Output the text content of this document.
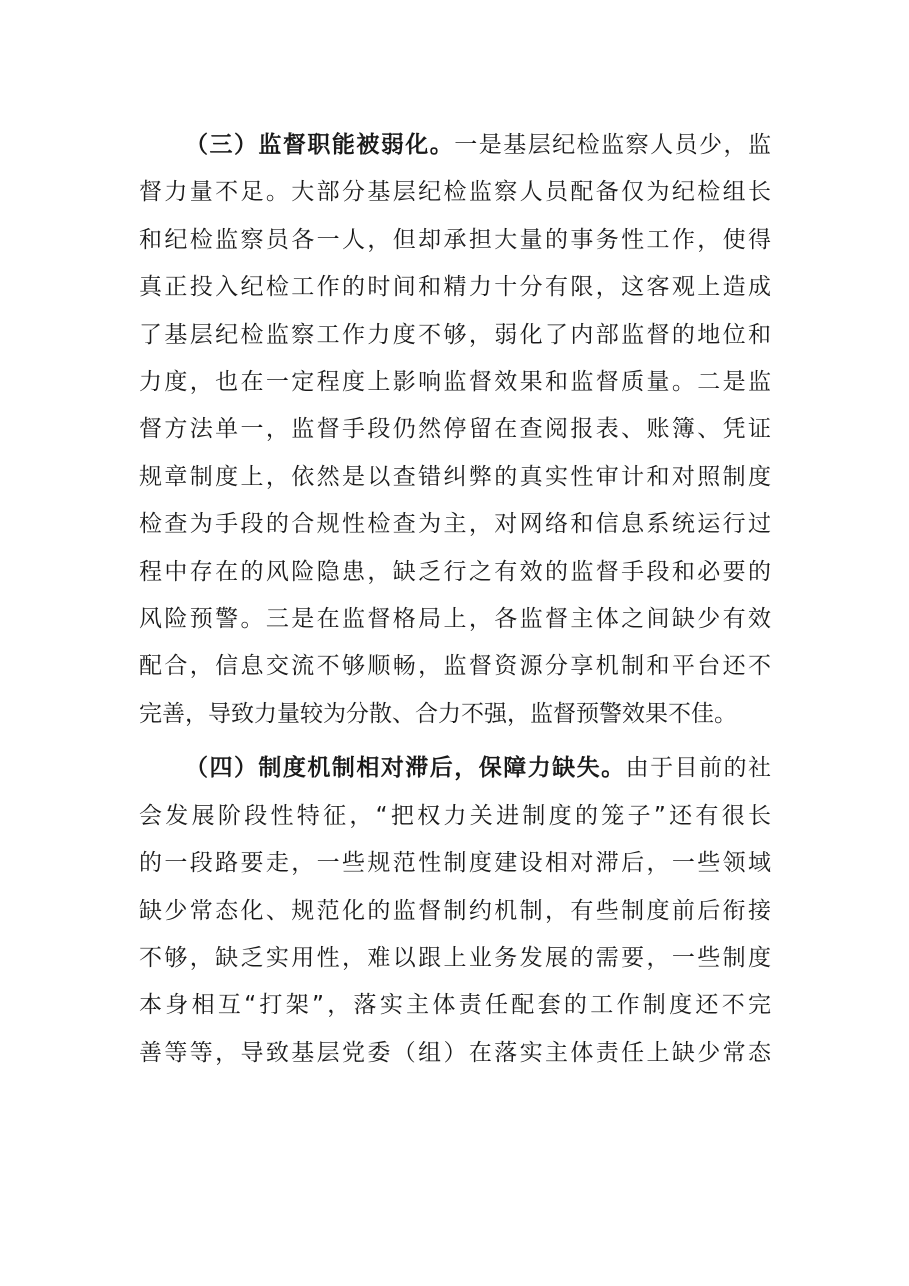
（三）监督职能被弱化。一是基层纪检监察人员少，监
督力量不足。大部分基层纪检监察人员配备仅为纪检组长
和纪检监察员各一人，但却承担大量的事务性工作，使得
真正投入纪检工作的时间和精力十分有限，这客观上造成
了基层纪检监察工作力度不够，弱化了内部监督的地位和
力度，也在一定程度上影响监督效果和监督质量。二是监
督方法单一，监督手段仍然停留在查阅报表、账簿、凭证
规章制度上，依然是以查错纠弊的真实性审计和对照制度
检查为手段的合规性检查为主，对网络和信息系统运行过
程中存在的风险隐患，缺乏行之有效的监督手段和必要的
风险预警。三是在监督格局上，各监督主体之间缺少有效
配合，信息交流不够顺畅，监督资源分享机制和平台还不
完善，导致力量较为分散、合力不强，监督预警效果不佳。

（四）制度机制相对滞后，保障力缺失。由于目前的社
会发展阶段性特征，“把权力关进制度的笼子”还有很长
的一段路要走，一些规范性制度建设相对滞后，一些领域
缺少常态化、规范化的监督制约机制，有些制度前后衔接
不够，缺乏实用性，难以跟上业务发展的需要，一些制度
本身相互“打架”，落实主体责任配套的工作制度还不完
善等等，导致基层党委（组）在落实主体责任上缺少常态
